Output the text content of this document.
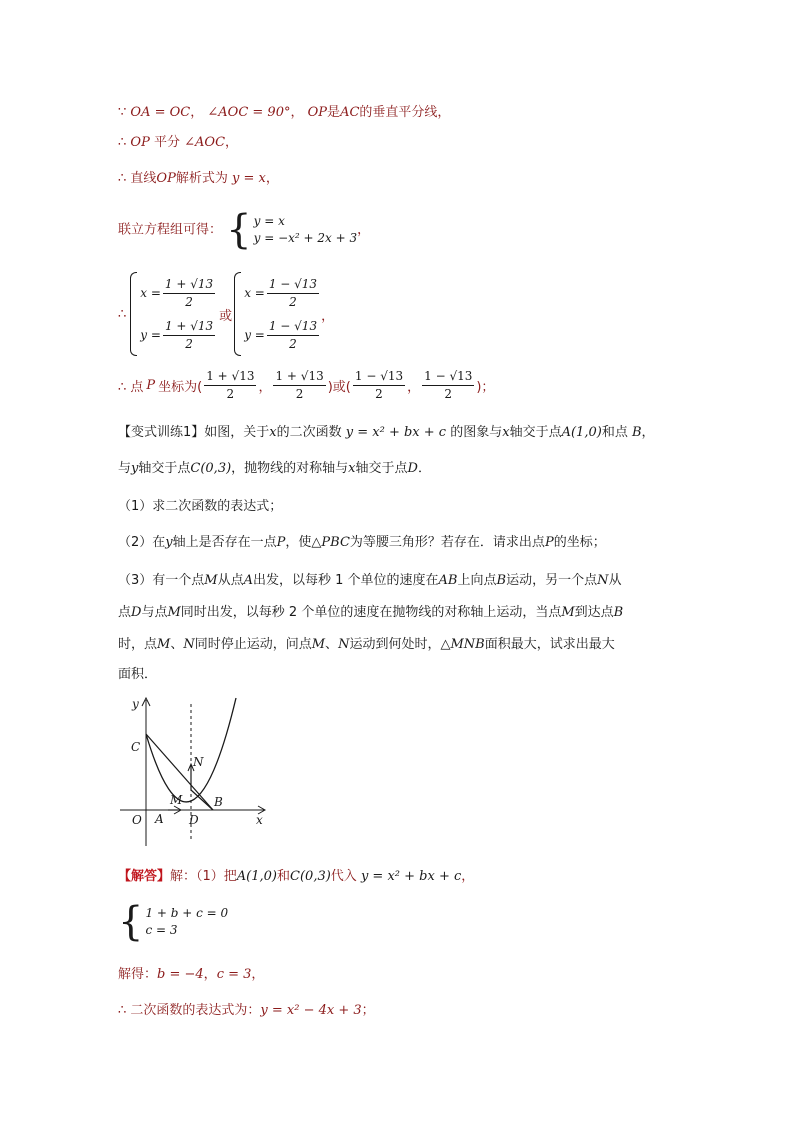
∵ OA = OC， ∠AOC = 90°， OP是AC的垂直平分线，
∴ OP 平分 ∠AOC，
∴ 直线OP解析式为 y = x，
联立方程组可得： { y = x
y = −x² + 2x + 3
，
∴
$x = \frac{1 + √13}{2}$
$y = \frac{1 + √13}{2}$
或
$x = \frac{1 - √13}{2}$
$y = \frac{1 - √13}{2}$
，
∴ 点 P 坐标为( $\frac{1 + √13}{2}$ ， $\frac{1 + √13}{2}$ )或( $\frac{1 - √13}{2}$ ， $\frac{1 - √13}{2}$ )；
【变式训练1】如图，关于x的二次函数 y = x² + bx + c 的图象与x轴交于点A(1,0)和点 B，
与y轴交于点C(0,3)，抛物线的对称轴与x轴交于点D．
（1）求二次函数的表达式；
（2）在y轴上是否存在一点P，使△PBC为等腰三角形？若存在．请求出点P的坐标；
（3）有一个点M从点A出发，以每秒 1 个单位的速度在AB上向点B运动，另一个点N从
点D与点M同时出发，以每秒 2 个单位的速度在抛物线的对称轴上运动，当点M到达点B
时，点M、N同时停止运动，问点M、N运动到何处时，△MNB面积最大，试求出最大
面积．
y
x
O
C
A
B
D
M
N
【解答】解：（1）把A(1,0)和C(0,3)代入 y = x² + bx + c，
{ 1 + b + c = 0
c = 3
解得：b = −4，c = 3，
∴ 二次函数的表达式为：y = x² − 4x + 3；
